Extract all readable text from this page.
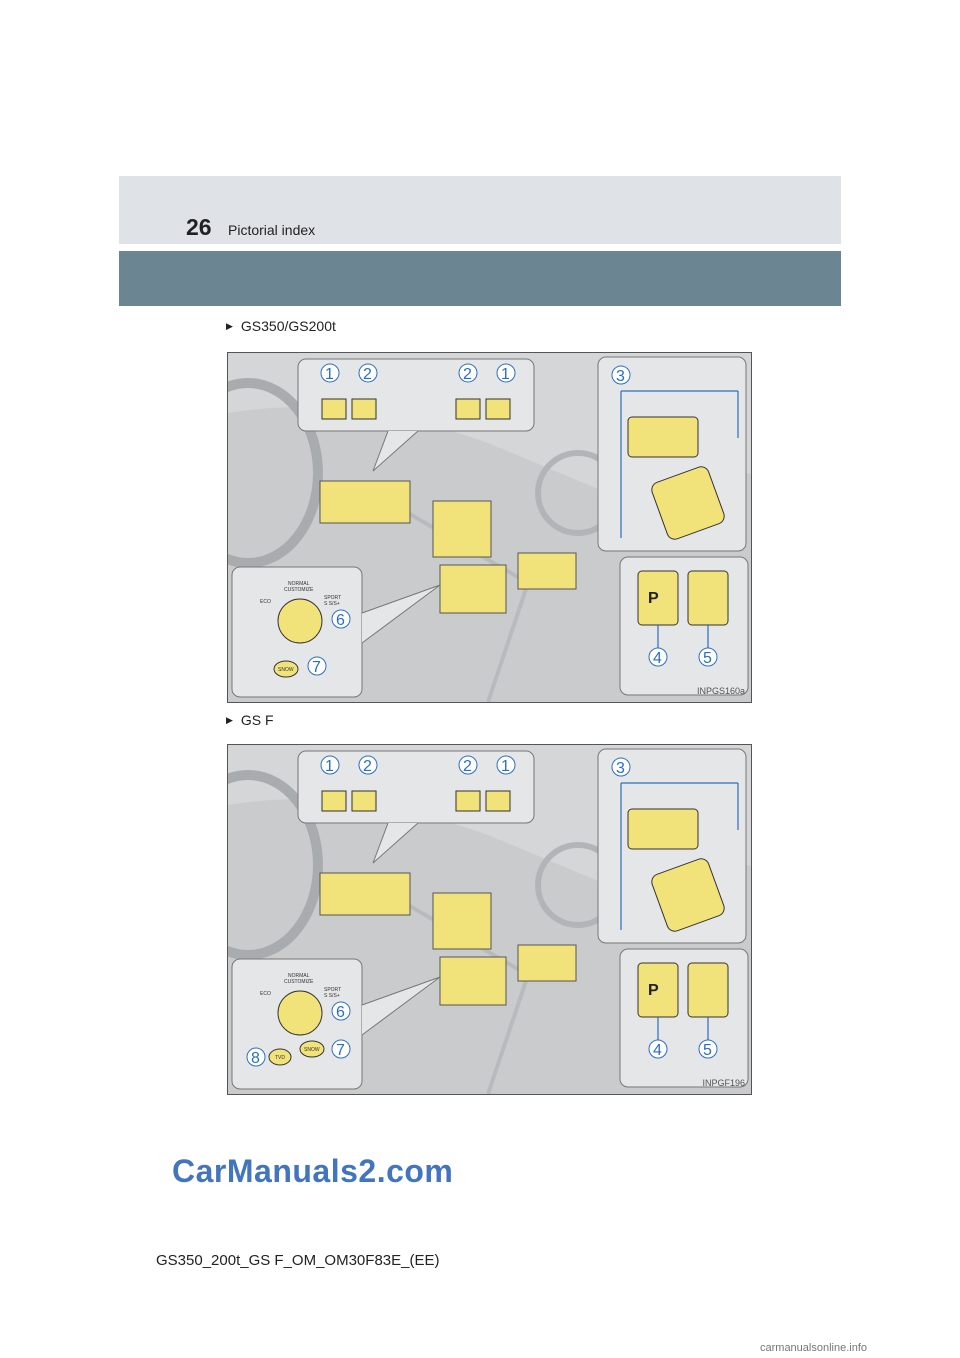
26 Pictorial index
▶ GS350/GS200t
P
NORMAL
CUSTOMIZE
ECO
SPORT
S S/S+
SNOW
1 2	2 1	3
4	5
6
7
INPGS160a
▶ GS F
P
NORMAL
CUSTOMIZE
ECO
SPORT
S S/S+
SNOW
TVD
1 2	2 1	3
4	5
6
7
8
INPGF196
CarManuals2.com
GS350_200t_GS F_OM_OM30F83E_(EE)
carmanualsonline.info
